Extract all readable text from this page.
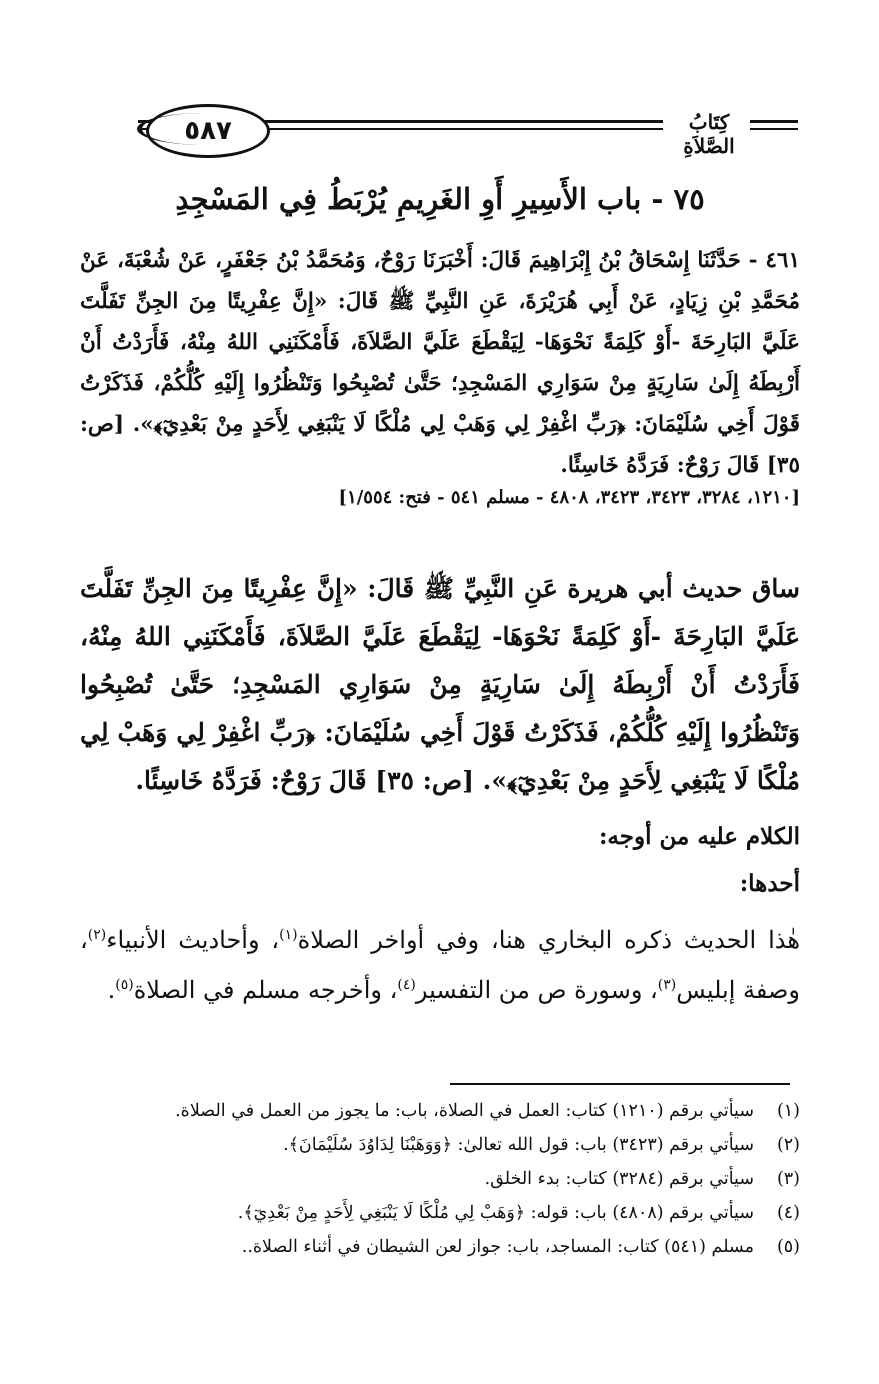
٥٨٧	كِتَابُ الصَّلاَةِ
٧٥ - باب الأَسِيرِ أَوِ الغَرِيمِ يُرْبَطُ فِي المَسْجِدِ

٤٦١ - حَدَّثَنَا إِسْحَاقُ بْنُ إِبْرَاهِيمَ قَالَ: أَخْبَرَنَا رَوْحٌ، وَمُحَمَّدُ بْنُ جَعْفَرٍ، عَنْ شُعْبَةَ، عَنْ مُحَمَّدِ بْنِ زِيَادٍ، عَنْ أَبِي هُرَيْرَةَ، عَنِ النَّبِيِّ ﷺ قَالَ: «إِنَّ عِفْرِيتًا مِنَ الجِنِّ تَفَلَّتَ عَلَيَّ البَارِحَةَ -أَوْ كَلِمَةً نَحْوَهَا- لِيَقْطَعَ عَلَيَّ الصَّلاَةَ، فَأَمْكَنَنِي اللهُ مِنْهُ، فَأَرَدْتُ أَنْ أَرْبِطَهُ إِلَىٰ سَارِيَةٍ مِنْ سَوَارِي المَسْجِدِ؛ حَتَّىٰ تُصْبِحُوا وَتَنْظُرُوا إِلَيْهِ كُلُّكُمْ، فَذَكَرْتُ قَوْلَ أَخِي سُلَيْمَانَ: ﴿رَبِّ اغْفِرْ لِي وَهَبْ لِي مُلْكًا لَا يَنْبَغِي لِأَحَدٍ مِنْ بَعْدِيٓ﴾». [ص: ٣٥] قَالَ رَوْحٌ: فَرَدَّهُ خَاسِئًا.

[١٢١٠، ٣٢٨٤، ٣٤٢٣، ٣٤٢٣، ٤٨٠٨ - مسلم ٥٤١ - فتح: ١/٥٥٤]

ساق حديث أبي هريرة عَنِ النَّبِيِّ ﷺ قَالَ: «إِنَّ عِفْرِيتًا مِنَ الجِنِّ تَفَلَّتَ عَلَيَّ البَارِحَةَ -أَوْ كَلِمَةً نَحْوَهَا- لِيَقْطَعَ عَلَيَّ الصَّلاَةَ، فَأَمْكَنَنِي اللهُ مِنْهُ، فَأَرَدْتُ أَنْ أَرْبِطَهُ إِلَىٰ سَارِيَةٍ مِنْ سَوَارِي المَسْجِدِ؛ حَتَّىٰ تُصْبِحُوا وَتَنْظُرُوا إِلَيْهِ كُلُّكُمْ، فَذَكَرْتُ قَوْلَ أَخِي سُلَيْمَانَ: ﴿رَبِّ اغْفِرْ لِي وَهَبْ لِي مُلْكًا لَا يَنْبَغِي لِأَحَدٍ مِنْ بَعْدِيٓ﴾». [ص: ٣٥] قَالَ رَوْحٌ: فَرَدَّهُ خَاسِئًا.

الكلام عليه من أوجه:

أحدها:

هٰذا الحديث ذكره البخاري هنا، وفي أواخر الصلاة$^{(١)}$، وأحاديث الأنبياء$^{(٢)}$، وصفة إبليس$^{(٣)}$، وسورة ص من التفسير$^{(٤)}$، وأخرجه مسلم في الصلاة$^{(٥)}$.

(١)
سيأتي برقم (١٢١٠) كتاب: العمل في الصلاة، باب: ما يجوز من العمل في الصلاة.
(٢)
سيأتي برقم (٣٤٢٣) باب: قول الله تعالىٰ: ﴿وَوَهَبْنَا لِدَاوُدَ سُلَيْمَانَ﴾.
(٣)
سيأتي برقم (٣٢٨٤) كتاب: بدء الخلق.
(٤)
سيأتي برقم (٤٨٠٨) باب: قوله: ﴿وَهَبْ لِي مُلْكًا لَا يَنْبَغِي لِأَحَدٍ مِنْ بَعْدِيٓ﴾.
(٥)
مسلم (٥٤١) كتاب: المساجد، باب: جواز لعن الشيطان في أثناء الصلاة..
